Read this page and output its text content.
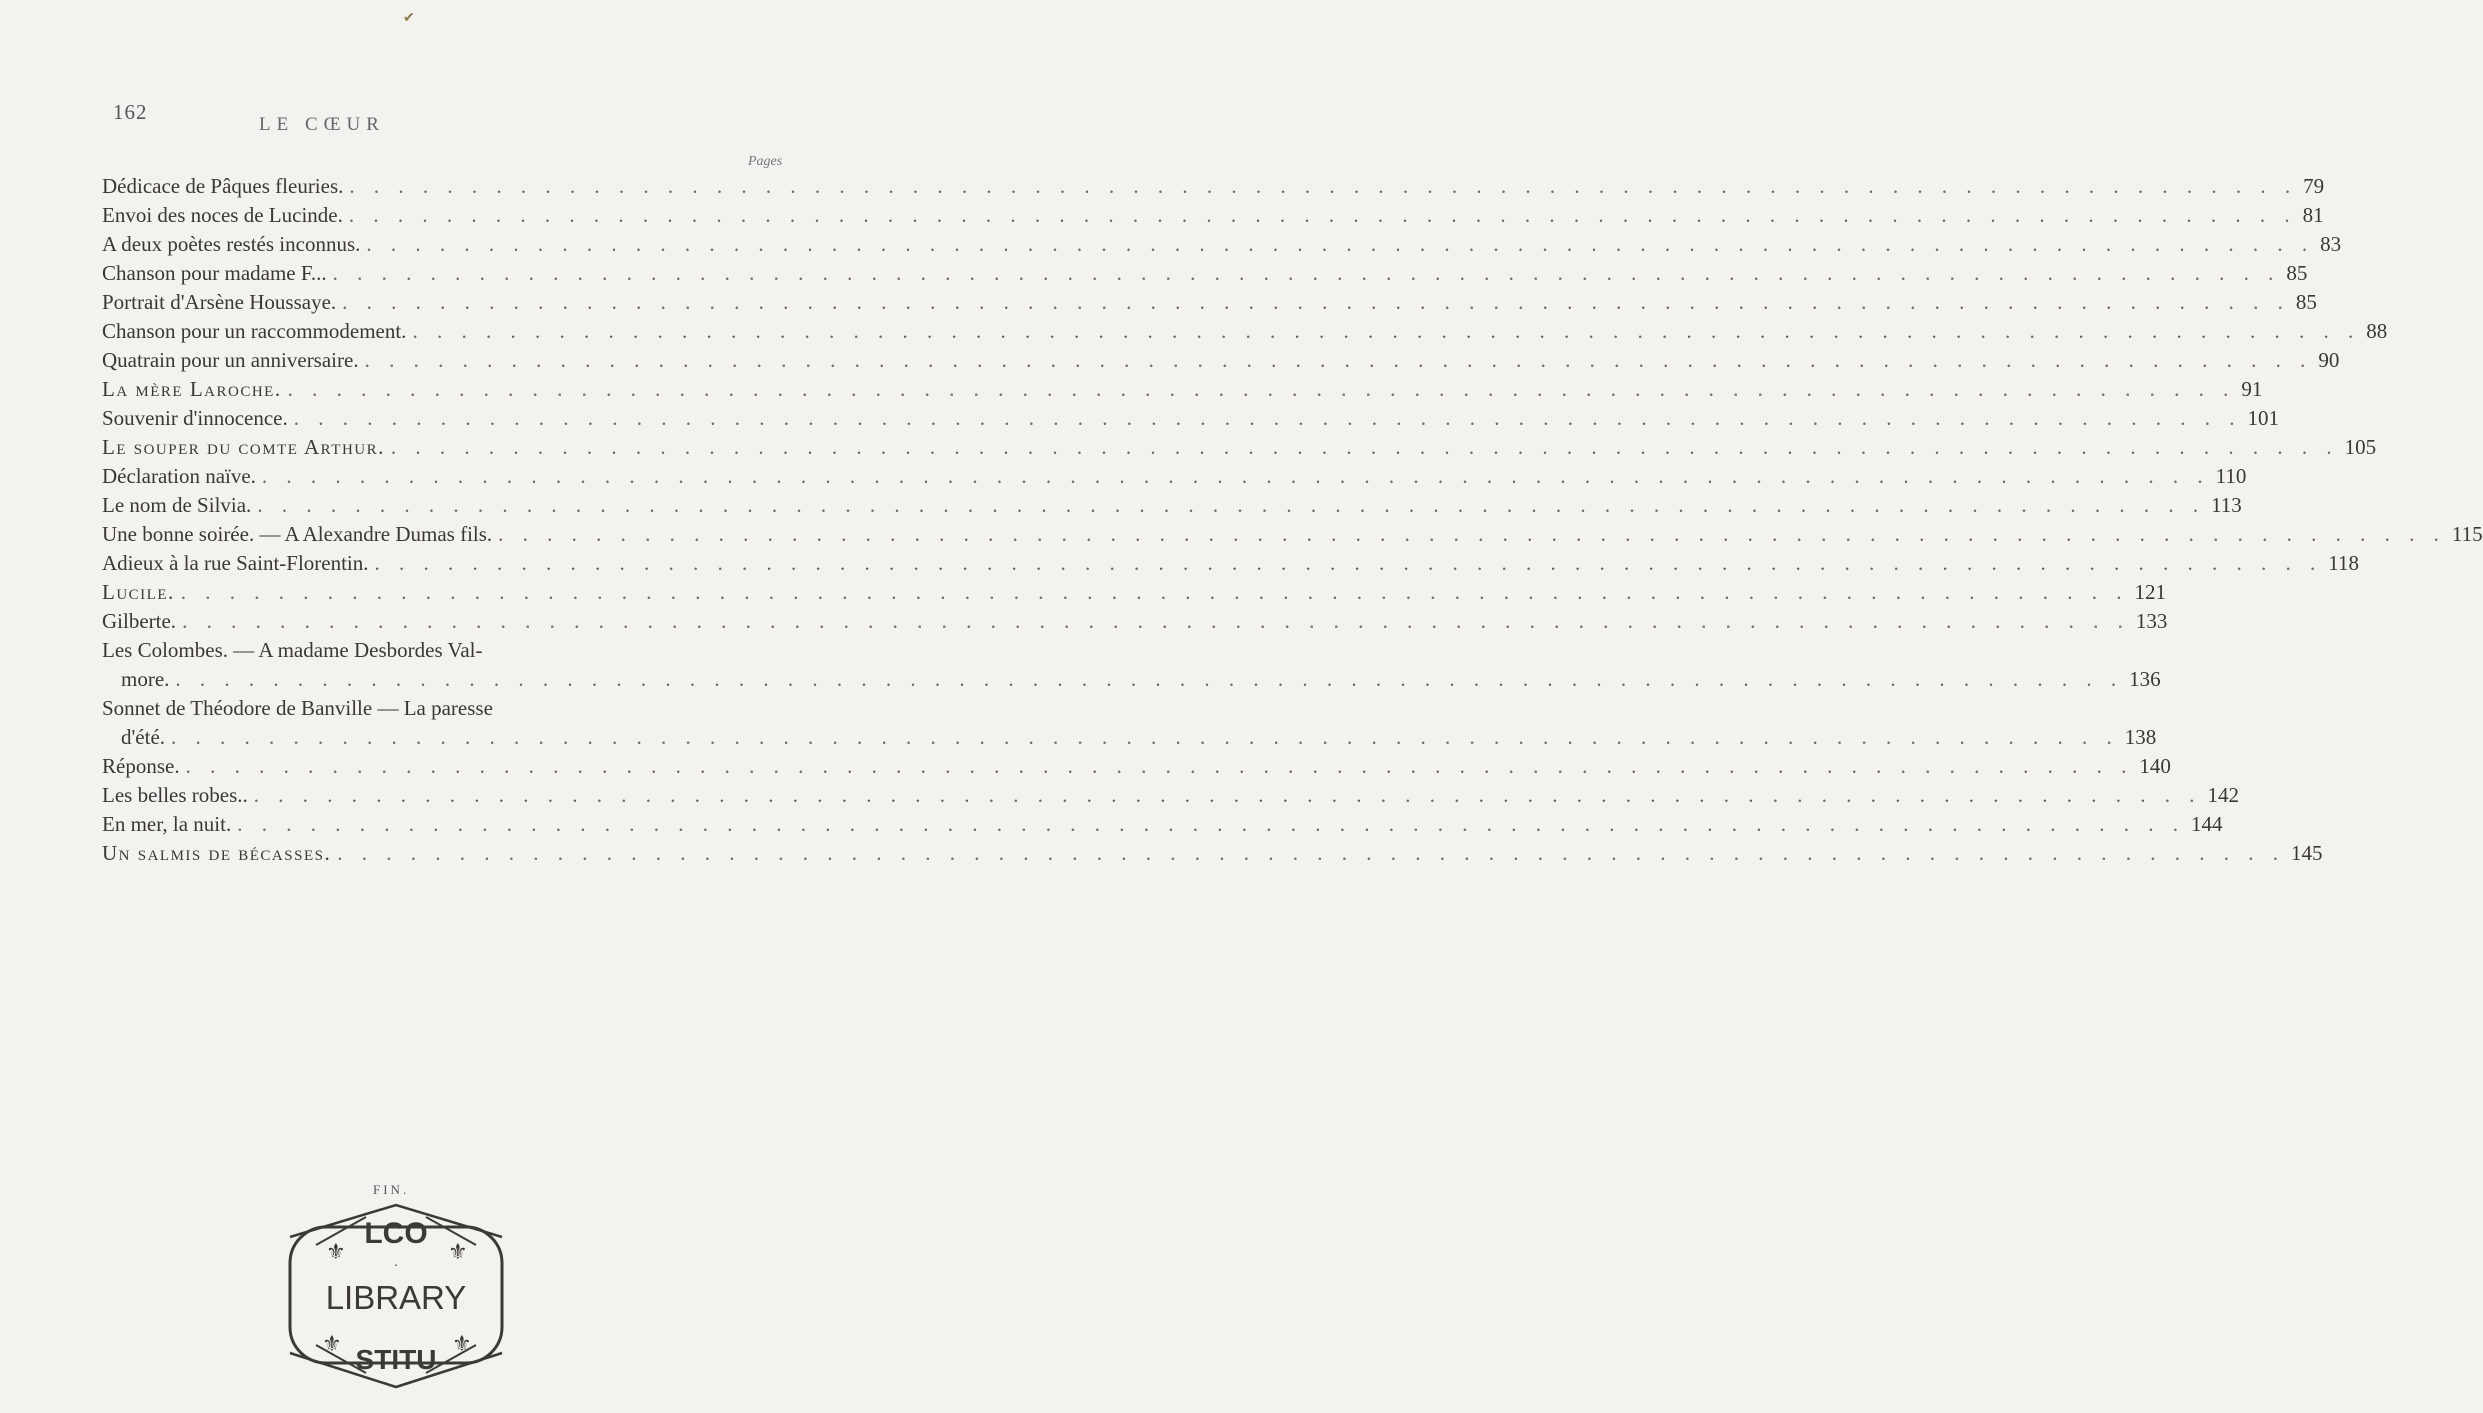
✔
162
LE CŒUR
Pages
Dédicace de Pâques fleuries. . . . . . . . . . . . . . . . . . . . . . . . . . . . . . . . . . . . . . . . . . . . . . . . . . . . . . . . . . . . . . . . . . . . . . . . . . . . . . . . . 79
Envoi des noces de Lucinde. . . . . . . . . . . . . . . . . . . . . . . . . . . . . . . . . . . . . . . . . . . . . . . . . . . . . . . . . . . . . . . . . . . . . . . . . . . . . . . . . 81
A deux poètes restés inconnus. . . . . . . . . . . . . . . . . . . . . . . . . . . . . . . . . . . . . . . . . . . . . . . . . . . . . . . . . . . . . . . . . . . . . . . . . . . . . . . . . 83
Chanson pour madame F... . . . . . . . . . . . . . . . . . . . . . . . . . . . . . . . . . . . . . . . . . . . . . . . . . . . . . . . . . . . . . . . . . . . . . . . . . . . . . . . . 85
Portrait d'Arsène Houssaye. . . . . . . . . . . . . . . . . . . . . . . . . . . . . . . . . . . . . . . . . . . . . . . . . . . . . . . . . . . . . . . . . . . . . . . . . . . . . . . . . 85
Chanson pour un raccommodement. . . . . . . . . . . . . . . . . . . . . . . . . . . . . . . . . . . . . . . . . . . . . . . . . . . . . . . . . . . . . . . . . . . . . . . . . . . . . . . . . 88
Quatrain pour un anniversaire. . . . . . . . . . . . . . . . . . . . . . . . . . . . . . . . . . . . . . . . . . . . . . . . . . . . . . . . . . . . . . . . . . . . . . . . . . . . . . . . . 90
La mère Laroche. . . . . . . . . . . . . . . . . . . . . . . . . . . . . . . . . . . . . . . . . . . . . . . . . . . . . . . . . . . . . . . . . . . . . . . . . . . . . . . . . 91
Souvenir d'innocence. . . . . . . . . . . . . . . . . . . . . . . . . . . . . . . . . . . . . . . . . . . . . . . . . . . . . . . . . . . . . . . . . . . . . . . . . . . . . . . . . 101
Le souper du comte Arthur. . . . . . . . . . . . . . . . . . . . . . . . . . . . . . . . . . . . . . . . . . . . . . . . . . . . . . . . . . . . . . . . . . . . . . . . . . . . . . . . . 105
Déclaration naïve. . . . . . . . . . . . . . . . . . . . . . . . . . . . . . . . . . . . . . . . . . . . . . . . . . . . . . . . . . . . . . . . . . . . . . . . . . . . . . . . . 110
Le nom de Silvia. . . . . . . . . . . . . . . . . . . . . . . . . . . . . . . . . . . . . . . . . . . . . . . . . . . . . . . . . . . . . . . . . . . . . . . . . . . . . . . . . 113
Une bonne soirée. — A Alexandre Dumas fils. . . . . . . . . . . . . . . . . . . . . . . . . . . . . . . . . . . . . . . . . . . . . . . . . . . . . . . . . . . . . . . . . . . . . . . . . . . . . . . . . 115
Adieux à la rue Saint-Florentin. . . . . . . . . . . . . . . . . . . . . . . . . . . . . . . . . . . . . . . . . . . . . . . . . . . . . . . . . . . . . . . . . . . . . . . . . . . . . . . . . 118
Lucile. . . . . . . . . . . . . . . . . . . . . . . . . . . . . . . . . . . . . . . . . . . . . . . . . . . . . . . . . . . . . . . . . . . . . . . . . . . . . . . . . 121
Gilberte. . . . . . . . . . . . . . . . . . . . . . . . . . . . . . . . . . . . . . . . . . . . . . . . . . . . . . . . . . . . . . . . . . . . . . . . . . . . . . . . . 133
Les Colombes. — A madame Desbordes Val-
more. . . . . . . . . . . . . . . . . . . . . . . . . . . . . . . . . . . . . . . . . . . . . . . . . . . . . . . . . . . . . . . . . . . . . . . . . . . . . . . . . 136
Sonnet de Théodore de Banville — La paresse
d'été. . . . . . . . . . . . . . . . . . . . . . . . . . . . . . . . . . . . . . . . . . . . . . . . . . . . . . . . . . . . . . . . . . . . . . . . . . . . . . . . . 138
Réponse. . . . . . . . . . . . . . . . . . . . . . . . . . . . . . . . . . . . . . . . . . . . . . . . . . . . . . . . . . . . . . . . . . . . . . . . . . . . . . . . . 140
Les belles robes.. . . . . . . . . . . . . . . . . . . . . . . . . . . . . . . . . . . . . . . . . . . . . . . . . . . . . . . . . . . . . . . . . . . . . . . . . . . . . . . . . 142
En mer, la nuit. . . . . . . . . . . . . . . . . . . . . . . . . . . . . . . . . . . . . . . . . . . . . . . . . . . . . . . . . . . . . . . . . . . . . . . . . . . . . . . . . 144
Un salmis de bécasses. . . . . . . . . . . . . . . . . . . . . . . . . . . . . . . . . . . . . . . . . . . . . . . . . . . . . . . . . . . . . . . . . . . . . . . . . . . . . . . . . 145
FIN.
LCO
LIBRARY
STITU
·
⚜	⚜
⚜	⚜
